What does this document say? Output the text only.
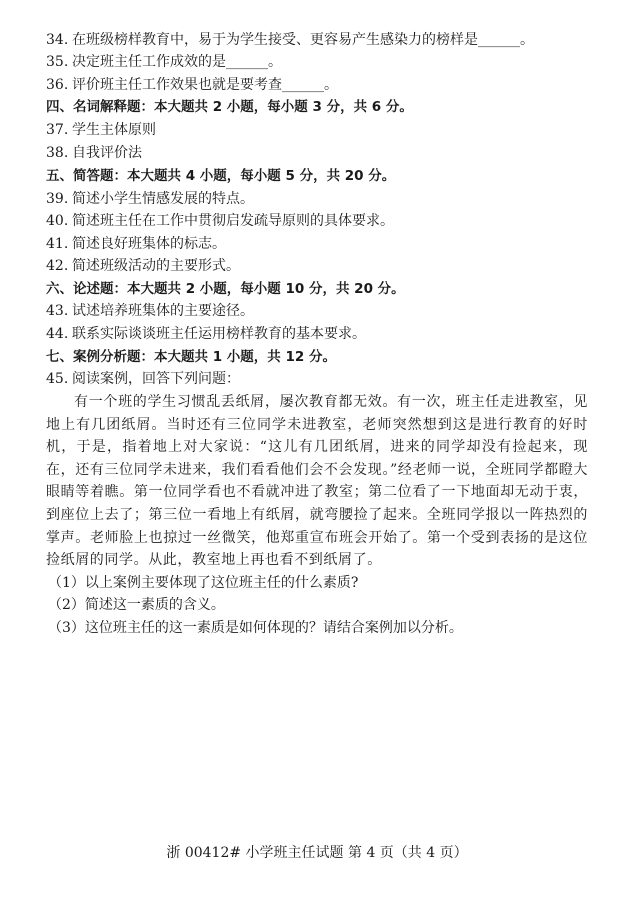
34. 在班级榜样教育中，易于为学生接受、更容易产生感染力的榜样是______。
35. 决定班主任工作成效的是______。
36. 评价班主任工作效果也就是要考查______。
四、名词解释题：本大题共 2 小题，每小题 3 分，共 6 分。
37. 学生主体原则
38. 自我评价法
五、简答题：本大题共 4 小题，每小题 5 分，共 20 分。
39. 简述小学生情感发展的特点。
40. 简述班主任在工作中贯彻启发疏导原则的具体要求。
41. 简述良好班集体的标志。
42. 简述班级活动的主要形式。
六、论述题：本大题共 2 小题，每小题 10 分，共 20 分。
43. 试述培养班集体的主要途径。
44. 联系实际谈谈班主任运用榜样教育的基本要求。
七、案例分析题：本大题共 1 小题，共 12 分。
45. 阅读案例，回答下列问题：
有一个班的学生习惯乱丢纸屑，屡次教育都无效。有一次，班主任走进教室，见地上有几团纸屑。当时还有三位同学未进教室，老师突然想到这是进行教育的好时机，于是，指着地上对大家说：“这儿有几团纸屑，进来的同学却没有捡起来，现在，还有三位同学未进来，我们看看他们会不会发现。”经老师一说，全班同学都瞪大眼睛等着瞧。第一位同学看也不看就冲进了教室；第二位看了一下地面却无动于衷，到座位上去了；第三位一看地上有纸屑，就弯腰捡了起来。全班同学报以一阵热烈的掌声。老师脸上也掠过一丝微笑，他郑重宣布班会开始了。第一个受到表扬的是这位捡纸屑的同学。从此，教室地上再也看不到纸屑了。
（1）以上案例主要体现了这位班主任的什么素质?
（2）简述这一素质的含义。
（3）这位班主任的这一素质是如何体现的？请结合案例加以分析。
浙 00412# 小学班主任试题 第 4 页（共 4 页）
